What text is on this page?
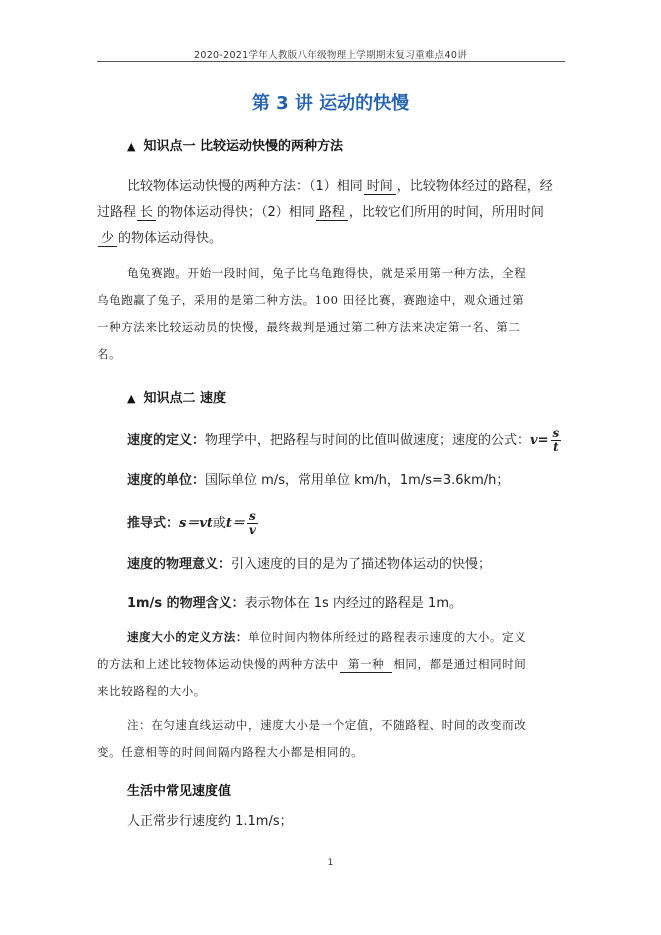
2020-2021学年人教版八年级物理上学期期末复习重难点40讲
第 3 讲 运动的快慢
▲ 知识点一 比较运动快慢的两种方法
比较物体运动快慢的两种方法：（1）相同 时间 ，比较物体经过的路程，经
过路程 长 的物体运动得快；（2）相同 路程 ，比较它们所用的时间，所用时间
少 的物体运动得快。
龟兔赛跑。开始一段时间，兔子比乌龟跑得快，就是采用第一种方法，全程
乌龟跑赢了兔子，采用的是第二种方法。100 田径比赛，赛跑途中，观众通过第
一种方法来比较运动员的快慢，最终裁判是通过第二种方法来决定第一名、第二
名。
▲ 知识点二 速度
速度的定义：物理学中，把路程与时间的比值叫做速度；速度的公式：$v= \frac{s}{t}$
速度的单位：国际单位 m/s，常用单位 km/h，1m/s=3.6km/h；
推导式：s＝vt或$t= \frac{s}{v}$
速度的物理意义：引入速度的目的是为了描述物体运动的快慢；
1m/s 的物理含义：表示物体在 1s 内经过的路程是 1m。
速度大小的定义方法：单位时间内物体所经过的路程表示速度的大小。定义
的方法和上述比较物体运动快慢的两种方法中 第一种 相同，都是通过相同时间
来比较路程的大小。
注：在匀速直线运动中，速度大小是一个定值，不随路程、时间的改变而改
变。任意相等的时间间隔内路程大小都是相同的。
生活中常见速度值
人正常步行速度约 1.1m/s；
1
